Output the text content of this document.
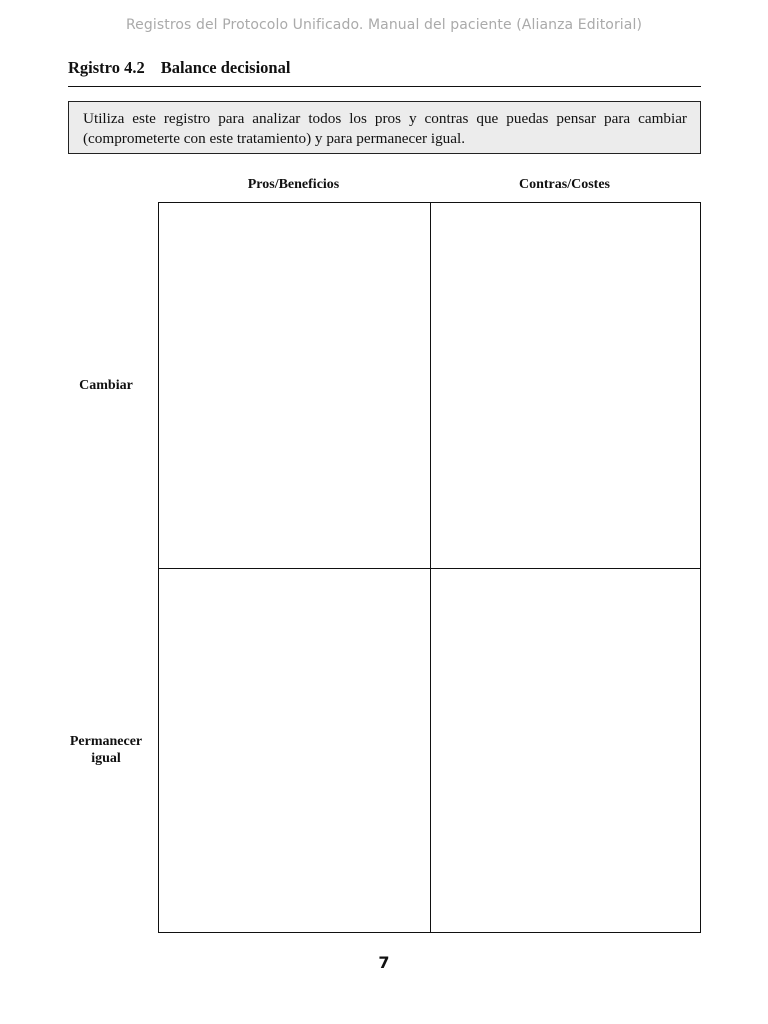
Registros del Protocolo Unificado. Manual del paciente (Alianza Editorial)
Rgistro 4.2 Balance decisional
Utiliza este registro para analizar todos los pros y contras que puedas pensar para cambiar (comprometerte con este tratamiento) y para permanecer igual.
Pros/Beneficios	Contras/Costes
Cambiar
Permanecer igual
7
